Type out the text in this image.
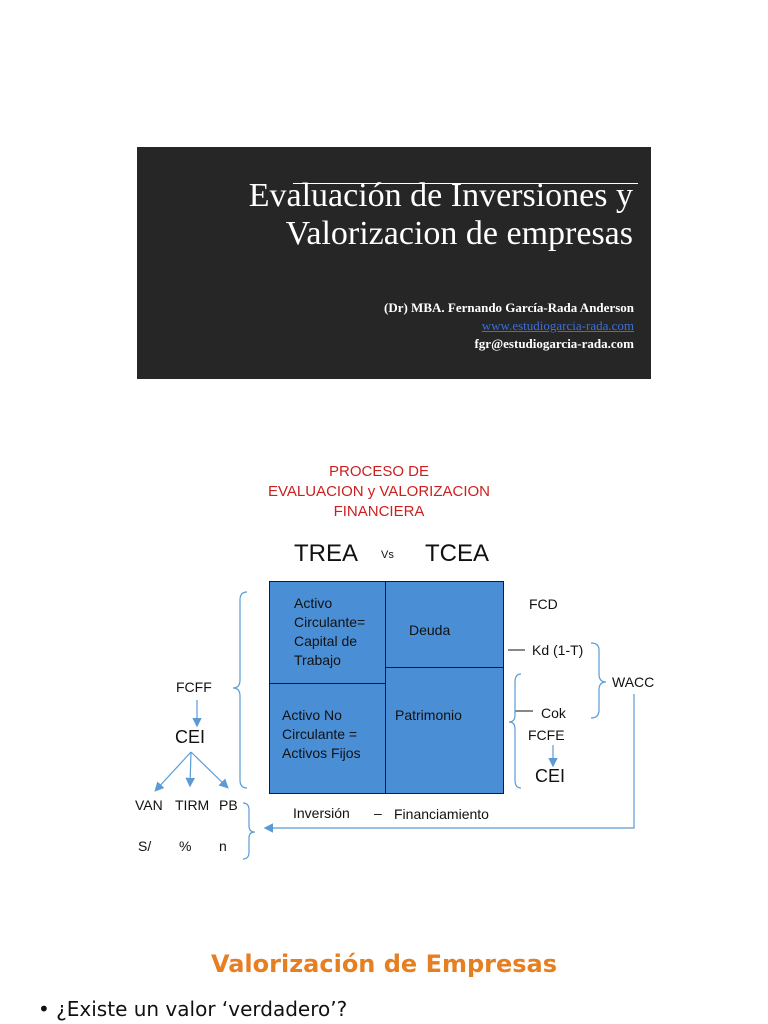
Evaluación de Inversiones y
Valorizacion de empresas
(Dr) MBA. Fernando García-Rada Anderson
www.estudiogarcia-rada.com
fgr@estudiogarcia-rada.com
PROCESO DE
EVALUACION y VALORIZACION
FINANCIERA
TREA Vs TCEA
Activo Circulante= Capital de Trabajo
Activo No Circulante = Activos Fijos
Deuda
Patrimonio
FCD
Kd (1-T)
WACC
Cok
FCFE
CEI
FCFF
CEI
VAN TIRM PB
S/ % n
Inversión – Financiamiento
Valorización de Empresas
• ¿Existe un valor ‘verdadero’?
